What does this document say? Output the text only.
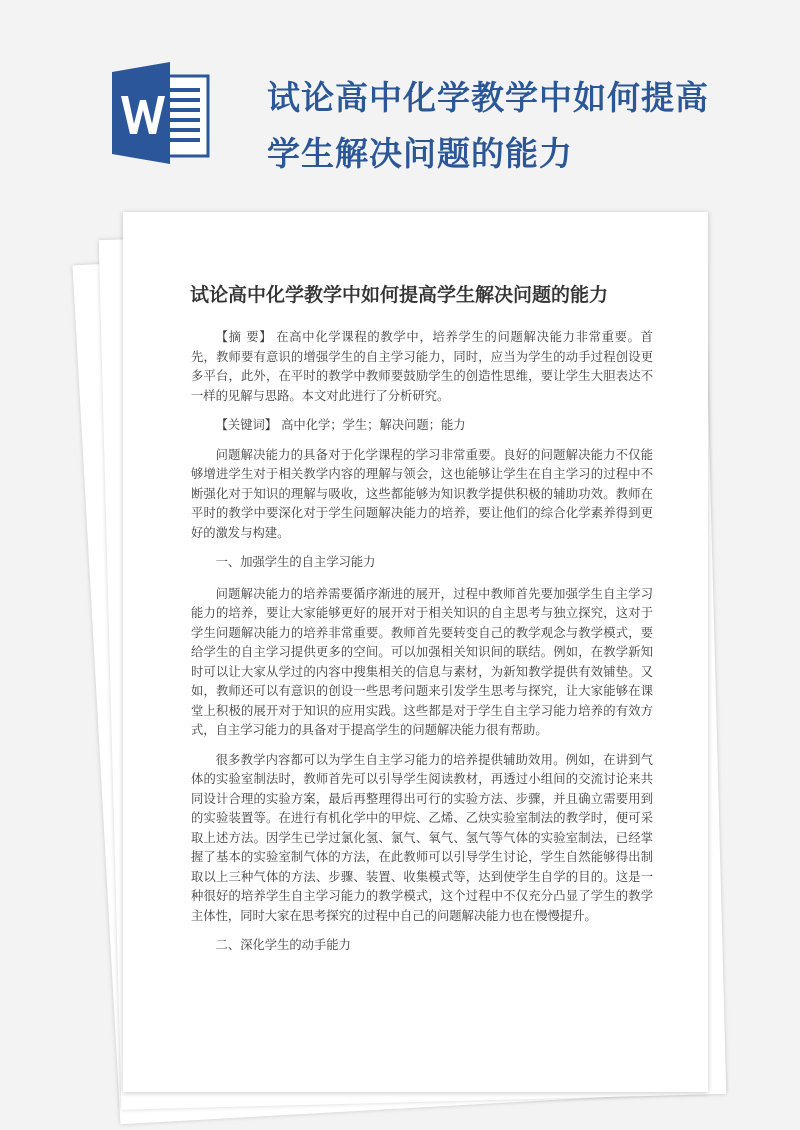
试论高中化学教学中如何提高
学生解决问题的能力
试论高中化学教学中如何提高学生解决问题的能力

【摘 要】 在高中化学课程的教学中，培养学生的问题解决能力非常重要。首先，教师要有意识的增强学生的自主学习能力，同时，应当为学生的动手过程创设更多平台，此外，在平时的教学中教师要鼓励学生的创造性思维，要让学生大胆表达不一样的见解与思路。本文对此进行了分析研究。

【关键词】 高中化学；学生；解决问题；能力

问题解决能力的具备对于化学课程的学习非常重要。良好的问题解决能力不仅能够增进学生对于相关教学内容的理解与领会，这也能够让学生在自主学习的过程中不断强化对于知识的理解与吸收，这些都能够为知识教学提供积极的辅助功效。教师在平时的教学中要深化对于学生问题解决能力的培养，要让他们的综合化学素养得到更好的激发与构建。

一、加强学生的自主学习能力

问题解决能力的培养需要循序渐进的展开，过程中教师首先要加强学生自主学习能力的培养，要让大家能够更好的展开对于相关知识的自主思考与独立探究，这对于学生问题解决能力的培养非常重要。教师首先要转变自己的教学观念与教学模式，要给学生的自主学习提供更多的空间。可以加强相关知识间的联结。例如，在教学新知时可以让大家从学过的内容中搜集相关的信息与素材，为新知教学提供有效铺垫。又如，教师还可以有意识的创设一些思考问题来引发学生思考与探究，让大家能够在课堂上积极的展开对于知识的应用实践。这些都是对于学生自主学习能力培养的有效方式，自主学习能力的具备对于提高学生的问题解决能力很有帮助。

很多教学内容都可以为学生自主学习能力的培养提供辅助效用。例如，在讲到气体的实验室制法时，教师首先可以引导学生阅读教材，再透过小组间的交流讨论来共同设计合理的实验方案，最后再整理得出可行的实验方法、步骤，并且确立需要用到的实验装置等。在进行有机化学中的甲烷、乙烯、乙炔实验室制法的教学时，便可采取上述方法。因学生已学过氯化氢、氯气、氧气、氢气等气体的实验室制法，已经掌握了基本的实验室制气体的方法，在此教师可以引导学生讨论，学生自然能够得出制取以上三种气体的方法、步骤、装置、收集模式等，达到使学生自学的目的。这是一种很好的培养学生自主学习能力的教学模式，这个过程中不仅充分凸显了学生的教学主体性，同时大家在思考探究的过程中自己的问题解决能力也在慢慢提升。

二、深化学生的动手能力
